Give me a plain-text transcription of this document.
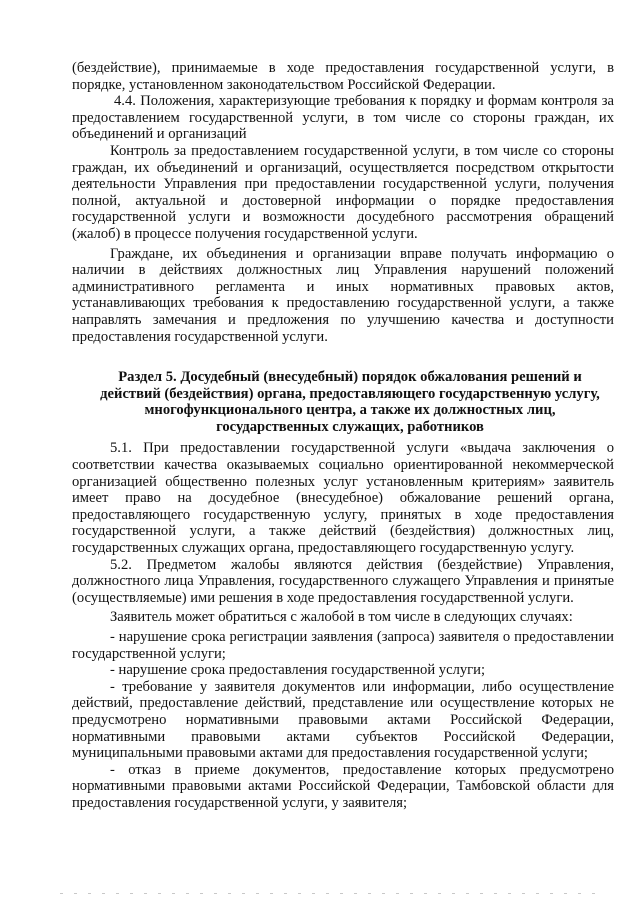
(бездействие), принимаемые в ходе предоставления государственной услуги, в порядке, установленном законодательством Российской Федерации.

4.4. Положения, характеризующие требования к порядку и формам контроля за предоставлением государственной услуги, в том числе со стороны граждан, их объединений и организаций

Контроль за предоставлением государственной услуги, в том числе со стороны граждан, их объединений и организаций, осуществляется посредством открытости деятельности Управления при предоставлении государственной услуги, получения полной, актуальной и достоверной информации о порядке предоставления государственной услуги и возможности досудебного рассмотрения обращений (жалоб) в процессе получения государственной услуги.

Граждане, их объединения и организации вправе получать информацию о наличии в действиях должностных лиц Управления нарушений положений административного регламента и иных нормативных правовых актов, устанавливающих требования к предоставлению государственной услуги, а также направлять замечания и предложения по улучшению качества и доступности предоставления государственной услуги.

Раздел 5. Досудебный (внесудебный) порядок обжалования решений и действий (бездействия) органа, предоставляющего государственную услугу, многофункционального центра, а также их должностных лиц, государственных служащих, работников

5.1. При предоставлении государственной услуги «выдача заключения о соответствии качества оказываемых социально ориентированной некоммерческой организацией общественно полезных услуг установленным критериям» заявитель имеет право на досудебное (внесудебное) обжалование решений органа, предоставляющего государственную услугу, принятых в ходе предоставления государственной услуги, а также действий (бездействия) должностных лиц, государственных служащих органа, предоставляющего государственную услугу.

5.2. Предметом жалобы являются действия (бездействие) Управления, должностного лица Управления, государственного служащего Управления и принятые (осуществляемые) ими решения в ходе предоставления государственной услуги.

Заявитель может обратиться с жалобой в том числе в следующих случаях:

- нарушение срока регистрации заявления (запроса) заявителя о предоставлении государственной услуги;

- нарушение срока предоставления государственной услуги;

- требование у заявителя документов или информации, либо осуществление действий, предоставление действий, представление или осуществление которых не предусмотрено нормативными правовыми актами Российской Федерации, нормативными правовыми актами субъектов Российской Федерации, муниципальными правовыми актами для предоставления государственной услуги;

- отказ в приеме документов, предоставление которых предусмотрено нормативными правовыми актами Российской Федерации, Тамбовской области для предоставления государственной услуги, у заявителя;
